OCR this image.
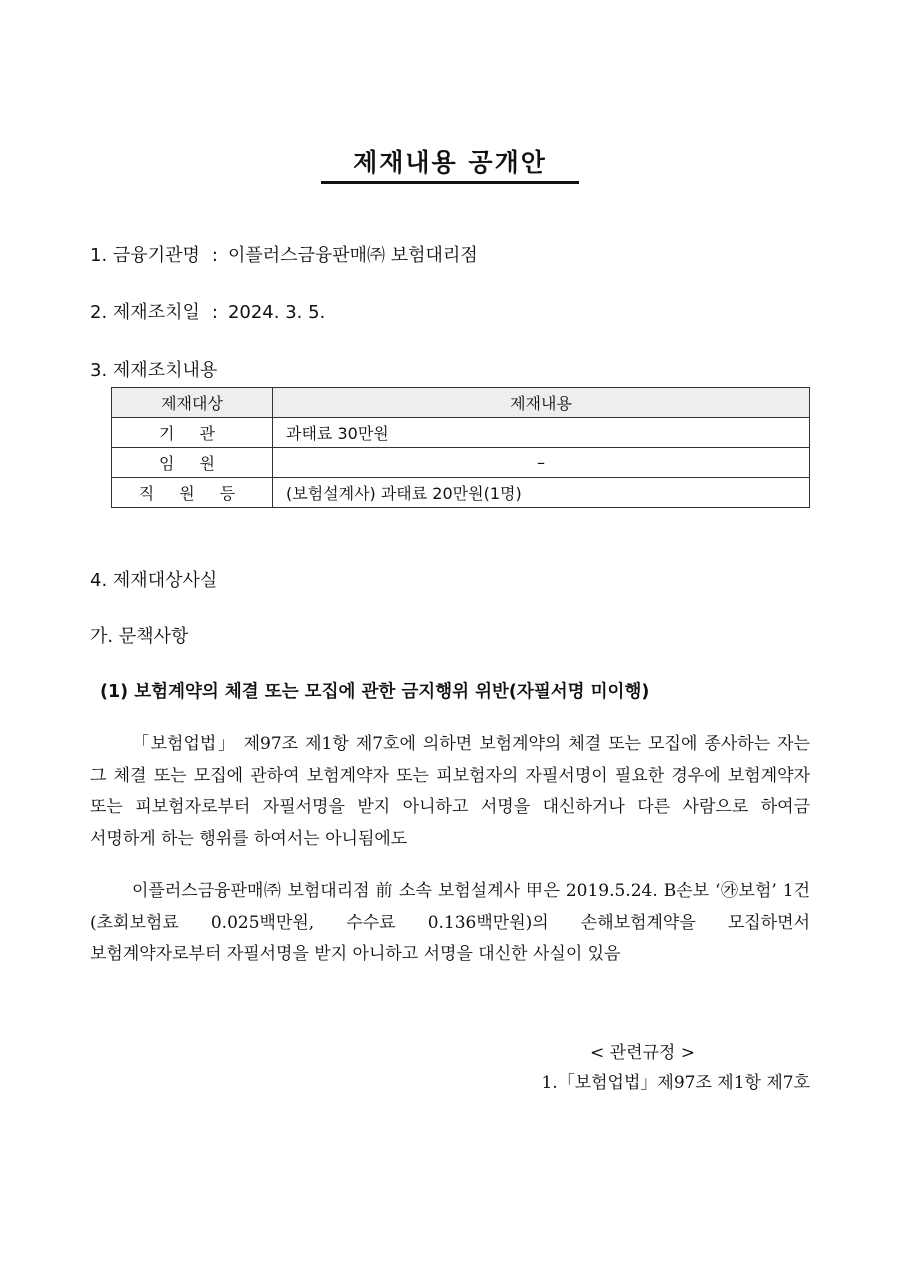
제재내용 공개안
1. 금융기관명 : 이플러스금융판매㈜ 보험대리점
2. 제재조치일 : 2024. 3. 5.
3. 제재조치내용
제재대상	제재내용
기 관	과태료 30만원
임 원	–
직 원 등	(보험설계사) 과태료 20만원(1명)
4. 제재대상사실
가. 문책사항
(1) 보험계약의 체결 또는 모집에 관한 금지행위 위반(자필서명 미이행)

「보험업법」 제97조 제1항 제7호에 의하면 보험계약의 체결 또는 모집에 종사하는 자는 그 체결 또는 모집에 관하여 보험계약자 또는 피보험자의 자필서명이 필요한 경우에 보험계약자 또는 피보험자로부터 자필서명을 받지 아니하고 서명을 대신하거나 다른 사람으로 하여금 서명하게 하는 행위를 하여서는 아니됨에도

이플러스금융판매㈜ 보험대리점 前 소속 보험설계사 甲은 2019.5.24. B손보 ‘㉮보험’ 1건(초회보험료 0.025백만원, 수수료 0.136백만원)의 손해보험계약을 모집하면서 보험계약자로부터 자필서명을 받지 아니하고 서명을 대신한 사실이 있음

< 관련규정 >
1.「보험업법」제97조 제1항 제7호
